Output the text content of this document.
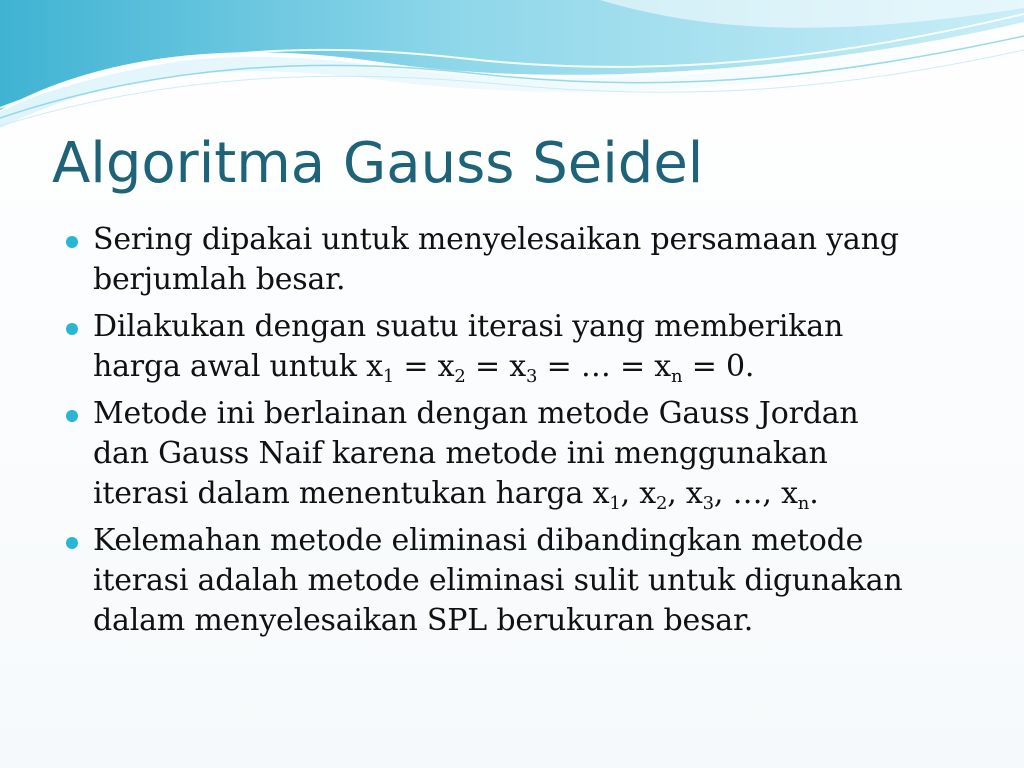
Algoritma Gauss Seidel
Sering dipakai untuk menyelesaikan persamaan yang
berjumlah besar.
Dilakukan dengan suatu iterasi yang memberikan
harga awal untuk $x_1 = x_2 = x_3$ = … = $x_n = 0$.
Metode ini berlainan dengan metode Gauss Jordan
dan Gauss Naif karena metode ini menggunakan
iterasi dalam menentukan harga $x_1$, $x_2$, $x_3$, …, $x_n$.
Kelemahan metode eliminasi dibandingkan metode
iterasi adalah metode eliminasi sulit untuk digunakan
dalam menyelesaikan SPL berukuran besar.
